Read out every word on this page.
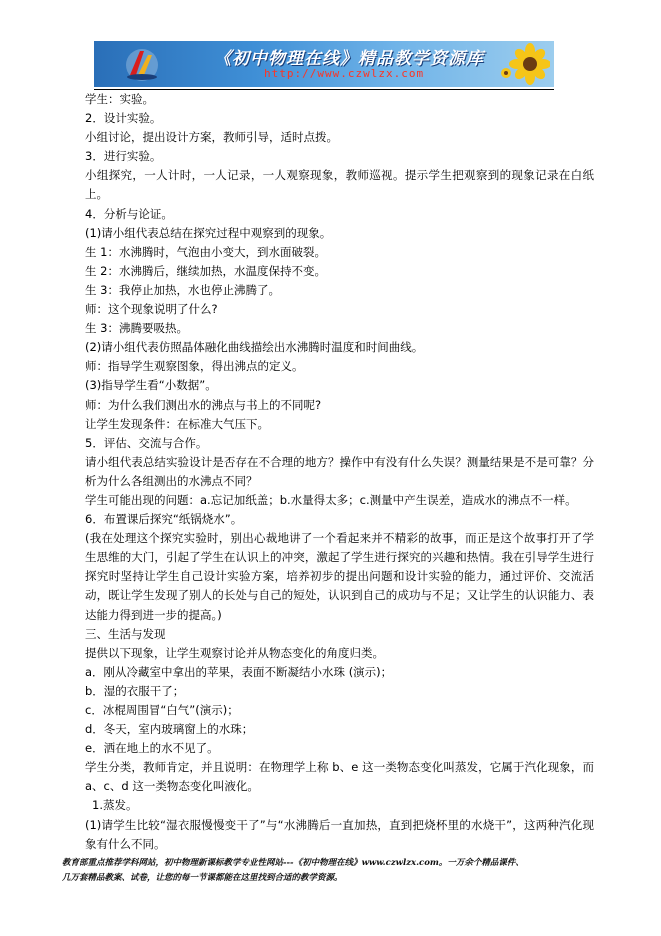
《初中物理在线》精品教学资源库
http://www.czwlzx.com

学生：实验。

2．设计实验。

小组讨论，提出设计方案，教师引导，适时点拨。

3．进行实验。

小组探究，一人计时，一人记录，一人观察现象，教师巡视。提示学生把观察到的现象记录在白纸上。

4．分析与论证。

(1)请小组代表总结在探究过程中观察到的现象。

生 1：水沸腾时，气泡由小变大，到水面破裂。

生 2：水沸腾后，继续加热，水温度保持不变。

生 3：我停止加热，水也停止沸腾了。

师：这个现象说明了什么?

生 3：沸腾要吸热。

(2)请小组代表仿照晶体融化曲线描绘出水沸腾时温度和时间曲线。

师：指导学生观察图象，得出沸点的定义。

(3)指导学生看“小数据”。

师：为什么我们测出水的沸点与书上的不同呢?

让学生发现条件：在标准大气压下。

5．评估、交流与合作。

请小组代表总结实验设计是否存在不合理的地方？操作中有没有什么失误？测量结果是不是可靠？分析为什么各组测出的水沸点不同？

学生可能出现的问题：a.忘记加纸盖；b.水量得太多；c.测量中产生误差，造成水的沸点不一样。

6．布置课后探究“纸锅烧水”。

(我在处理这个探究实验时，别出心裁地讲了一个看起来并不精彩的故事，而正是这个故事打开了学生思维的大门，引起了学生在认识上的冲突，激起了学生进行探究的兴趣和热情。我在引导学生进行探究时坚持让学生自己设计实验方案，培养初步的提出问题和设计实验的能力，通过评价、交流活动，既让学生发现了别人的长处与自己的短处，认识到自己的成功与不足；又让学生的认识能力、表达能力得到进一步的提高。)

三、生活与发现

提供以下现象，让学生观察讨论并从物态变化的角度归类。

a．刚从冷藏室中拿出的苹果，表面不断凝结小水珠 (演示)；

b．湿的衣服干了；

c．冰棍周围冒“白气”(演示)；

d．冬天，室内玻璃窗上的水珠；

e．洒在地上的水不见了。

学生分类，教师肯定，并且说明：在物理学上称 b、e 这一类物态变化叫蒸发，它属于汽化现象，而 a、c、d 这一类物态变化叫液化。

1.蒸发。

(1)请学生比较“湿衣服慢慢变干了”与“水沸腾后一直加热，直到把烧杯里的水烧干”，这两种汽化现象有什么不同。

教育部重点推荐学科网站，初中物理新课标教学专业性网站---《初中物理在线》www.czwlzx.com。一万余个精品课件、

几万套精品教案、试卷，让您的每一节课都能在这里找到合适的教学资源。
